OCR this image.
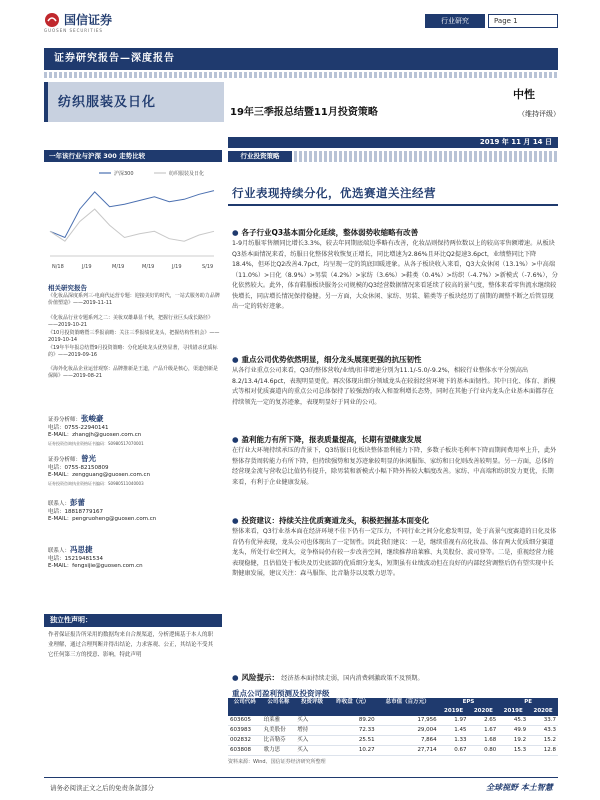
国信证券
GUOSEN SECURITIES
行业研究	Page 1
证券研究报告—深度报告
纺织服装及日化
19年三季报总结暨11月投资策略
中性
（维持评级）
2019 年 11 月 14 日
一年该行业与沪深 300 走势比较
沪深300	纺织服装及日化
N/18	J/19	M/19	M/19	J/19	S/19
相关研究报告
《化妆品深度系列三-电商代运营专题：迎接美好的时代，一站式服务助力品牌价值塑造》——2019-11-11
《化妆品行业专题系列之二：美妆双雄暴显千秋，把握行业巨头成长路径》——2019-10-21
《10月投资策略暨三季报前瞻：关注三季报绩优龙头，把握结构性机会》——2019-10-14
《19年半年报总结暨9月投资策略：分化延续龙头优势显著，寻找错杀优质标的》——2019-09-16
《海外化妆品企业运营观察：品牌推新是王道，产品升级是核心，渠道创新是保障》——2019-08-21
证券分析师：张峻豪
电话：0755-22940141
E-MAIL：zhangjh@guosen.com.cn
证券投资咨询执业资格证书编码：S0980517070001
证券分析师：曾光
电话：0755-82150809
E-MAIL：zengguang@guosen.com.cn
证券投资咨询执业资格证书编码：S0980511040003
联系人：彭蕾
电话：18818779167
E-MAIL：pengruoheng@guosen.com.cn
联系人：冯思捷
电话：15219481534
E-MAIL：fengsijie@guosen.com.cn
独立性声明：
作者保证报告所采用的数据均来自合规渠道，分析逻辑基于本人的职业理解，通过合理判断并得出结论，力求客观、公正，其结论不受其它任何第三方的授意、影响，特此声明
行业投资策略
行业表现持续分化，优选赛道关注经营
● 各子行业Q3基本面分化延续，整体弱势收缩略有改善
1-9月纺服零售额同比增长3.3%，较去年同期底端边季略有改善，化妆品则保持两位数以上的较高零售额增速。从板块Q3基本面情况来看，纺服日化整体营收恢复正增长，同比增速为2.86%且环比Q2提速3.6pct，业绩整同比下降18.4%，但环比Q2改善4.7pct，均呈现一定的筑底回暖迹象。从各子板块收入来看，Q3大众休闲（13.1%）>中高端（11.0%）>日化（8.9%）>男装（4.2%）>家纺（3.6%）>鞋类（0.4%）>纺织（-4.7%）>新模式（-7.6%），分化依然较大。此外，体育鞋服板块服务公司规模的Q3经营数据情况来看延续了较高的景气度，整体来看零售流水继续较快增长，同店增长情况保持稳健。另一方面，大众休闲、家纺、男装、鞋类等子板块经历了前期的调整不断之后管显现出一定的转好迹象。
● 重点公司优势依然明显，细分龙头展现更强的抗压韧性
从各行业重点公司来看，Q3的整体营收/业绩/扣非增速分别为11.1/-5.0/-9.2%，相较行业整体水平分别高出8.2/13.4/14.6pct，表现明显更优。再次体现出细分领域龙头在较弱经营环境下的基本面韧性。其中日化、体育、新模式等相对优质赛道内的重点公司总体保持了较强劲的收入和盈利增长态势，同时在其他子行业内龙头企业基本面都存在持续领先一定的复苏迹象，表现明显好于同业的公司。
● 盈利能力有所下降，报表质量提高，长期有望健康发展
在行业大环境持续承压的背景下，Q3纺服日化板块整体盈利能力下降，多数子板块毛利率下降而期间费用率上升，此外整体存货周转能力有所下降，但持续强势和复苏迹象较明显的休闲服饰、家纺和日化则改善较明显。另一方面，总体的经营现金流与营收总比值仍有提升，除男装和新模式小幅下降外皆较大幅度改善。家纺、中高端和纺织发力更优，长期来看，有利于企业健康发展。
● 投资建议：持续关注优质赛道龙头，积极把握基本面变化
整体来看，Q3行业基本面在经济环境不佳下仍有一定压力，不同行业之间分化愈发明显，处于高景气度赛道的日化及体育仍有优异表现，龙头公司也体现出了一定韧性。因此我们建议：一是，继续重视有高化妆品、体育两大优质细分赛道龙头，所处行业空间大，竞争格局仍有较一步改善空间，继续推荐珀莱雅、丸美股份、波司登等。二是，重视经营力能表现稳健，且估值处于板块及历史底部的优质细分龙头，短期虽有业绩波动但在良好的内部经营调整后仍有望实现中长期健康发展，建议关注：森马服饰、比音勒芬以及歌力思等。
● 风险提示： 经济基本面持续走弱，国内消费刺激政策不及预期。
重点公司盈利预测及投资评级
公司代码	公司名称	投资评级	昨收盘（元）	总市值（百万元）	EPS		PE	
					2019E	2020E	2019E	2020E
603605	珀莱雅	买入	89.20	17,956	1.97	2.65	45.3	33.7
603983	丸美股份	增持	72.33	29,004	1.45	1.67	49.9	43.3
002832	比音勒芬	买入	25.51	7,864	1.33	1.68	19.2	15.2
603808	歌力思	买入	10.27	27,714	0.67	0.80	15.3	12.8
资料来源：Wind、国信证券经济研究所整理
请务必阅读正文之后的免责条款部分	全球视野 本土智慧
